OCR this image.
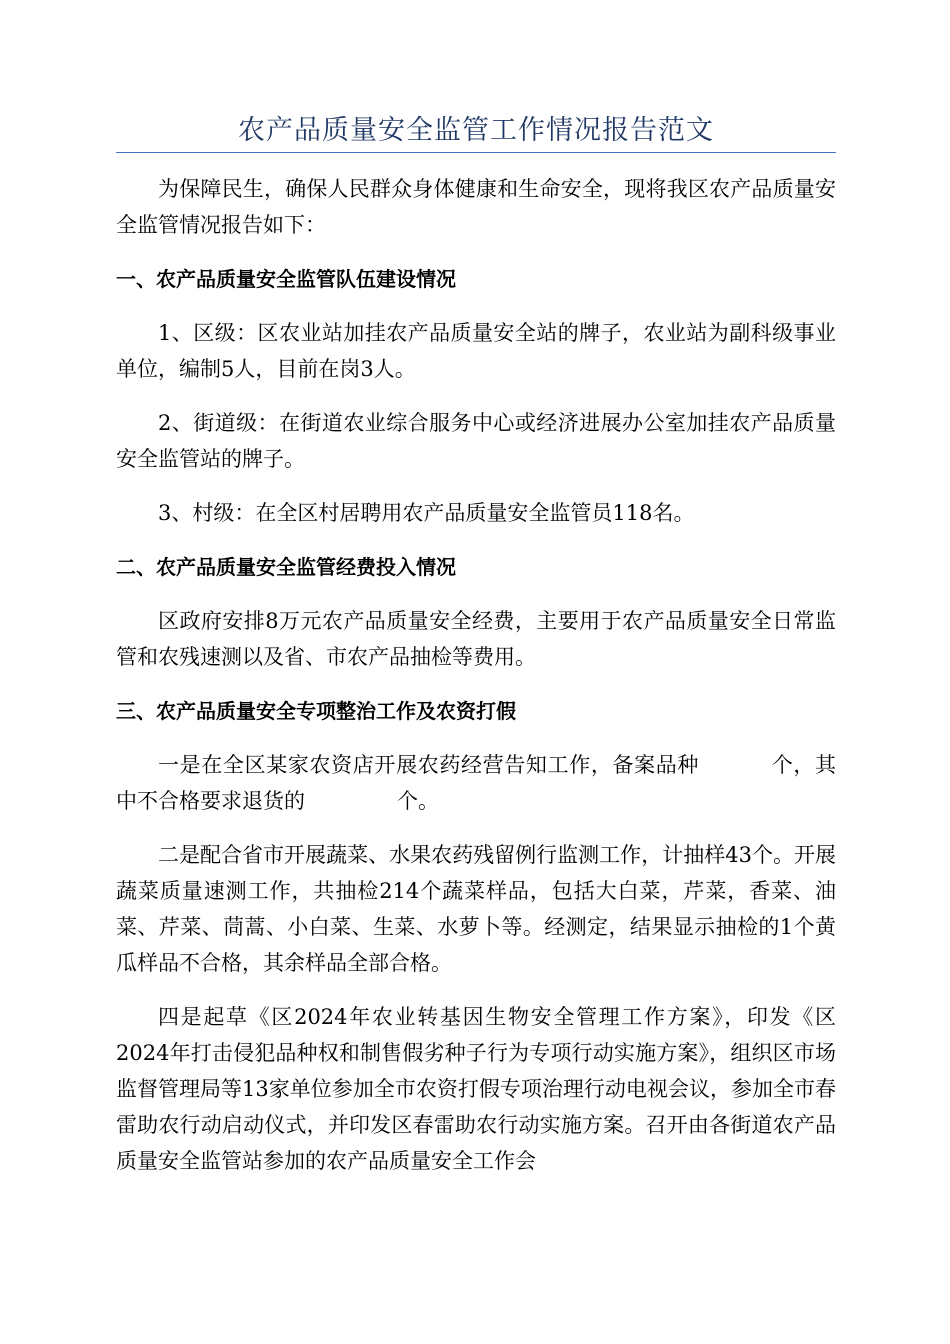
农产品质量安全监管工作情况报告范文

为保障民生，确保人民群众身体健康和生命安全，现将我区农产品质量安全监管情况报告如下：

一、农产品质量安全监管队伍建设情况

1、区级：区农业站加挂农产品质量安全站的牌子，农业站为副科级事业单位，编制5人，目前在岗3人。

2、街道级：在街道农业综合服务中心或经济进展办公室加挂农产品质量安全监管站的牌子。

3、村级：在全区村居聘用农产品质量安全监管员118名。

二、农产品质量安全监管经费投入情况

区政府安排8万元农产品质量安全经费，主要用于农产品质量安全日常监管和农残速测以及省、市农产品抽检等费用。

三、农产品质量安全专项整治工作及农资打假

一是在全区某家农资店开展农药经营告知工作，备案品种	个，其中不合格要求退货的	个。

二是配合省市开展蔬菜、水果农药残留例行监测工作，计抽样43个。开展蔬菜质量速测工作，共抽检214个蔬菜样品，包括大白菜，芹菜，香菜、油菜、芹菜、茼蒿、小白菜、生菜、水萝卜等。经测定，结果显示抽检的1个黄瓜样品不合格，其余样品全部合格。

四是起草《区2024年农业转基因生物安全管理工作方案》，印发《区2024年打击侵犯品种权和制售假劣种子行为专项行动实施方案》，组织区市场监督管理局等13家单位参加全市农资打假专项治理行动电视会议，参加全市春雷助农行动启动仪式，并印发区春雷助农行动实施方案。召开由各街道农产品质量安全监管站参加的农产品质量安全工作会
